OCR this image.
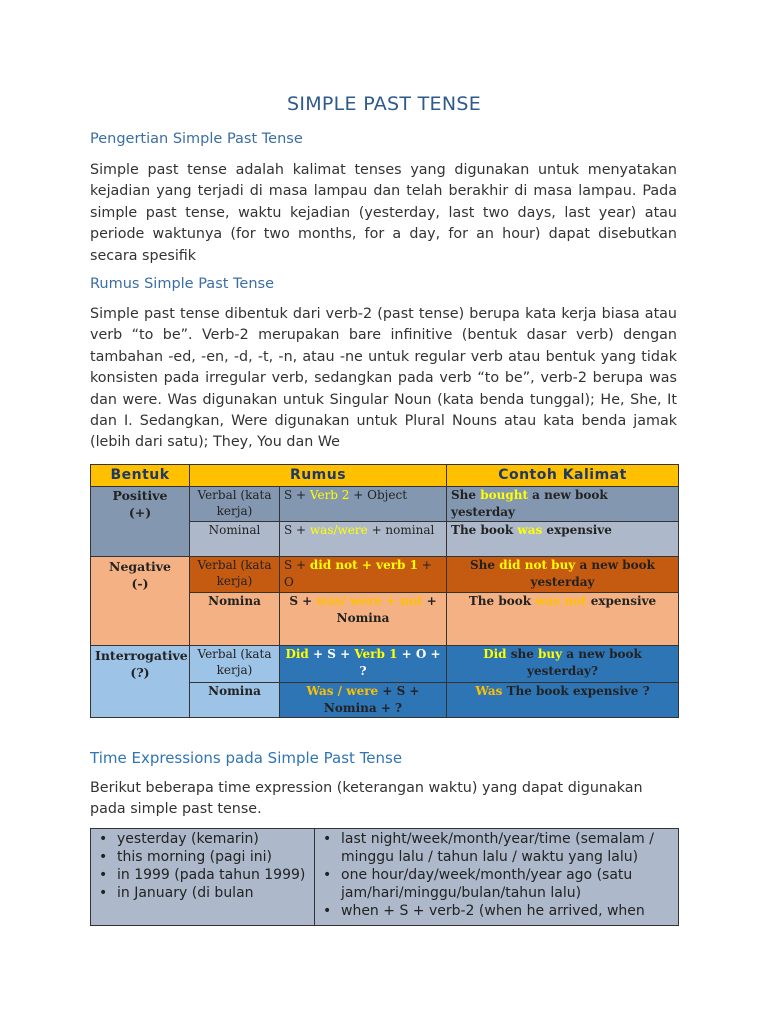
SIMPLE PAST TENSE
Pengertian Simple Past Tense
Simple past tense adalah kalimat tenses yang digunakan untuk menyatakan kejadian yang terjadi di masa lampau dan telah berakhir di masa lampau. Pada simple past tense, waktu kejadian (yesterday, last two days, last year) atau periode waktunya (for two months, for a day, for an hour) dapat disebutkan secara spesifik
Rumus Simple Past Tense
Simple past tense dibentuk dari verb-2 (past tense) berupa kata kerja biasa atau verb “to be”. Verb-2 merupakan bare infinitive (bentuk dasar verb) dengan tambahan -ed, -en, -d, -t, -n, atau -ne untuk regular verb atau bentuk yang tidak konsisten pada irregular verb, sedangkan pada verb “to be”, verb-2 berupa was dan were. Was digunakan untuk Singular Noun (kata benda tunggal); He, She, It dan I. Sedangkan, Were digunakan untuk Plural Nouns atau kata benda jamak (lebih dari satu); They, You dan We
Bentuk	Rumus		Contoh Kalimat
Positive
(+)	Verbal (kata kerja)	S + Verb 2 + Object	She bought a new book yesterday
	Nominal	S + was/were + nominal	The book was expensive
Negative
(-)	Verbal (kata kerja)	S + did not + verb 1 + O	She did not buy a new book yesterday
	Nomina	S + was/ were + not + Nomina	The book was not expensive
Interrogative
(?)	Verbal (kata kerja)	Did + S + Verb 1 + O + ?	Did she buy a new book yesterday?
	Nomina	Was / were + S + Nomina + ?	Was The book expensive ?
Time Expressions pada Simple Past Tense
Berikut beberapa time expression (keterangan waktu) yang dapat digunakan pada simple past tense.
• yesterday (kemarin)
• this morning (pagi ini)
• in 1999 (pada tahun 1999)
• in January (di bulan

• last night/week/month/year/time (semalam / minggu lalu / tahun lalu / waktu yang lalu)
• one hour/day/week/month/year ago (satu jam/hari/minggu/bulan/tahun lalu)
• when + S + verb-2 (when he arrived, when
